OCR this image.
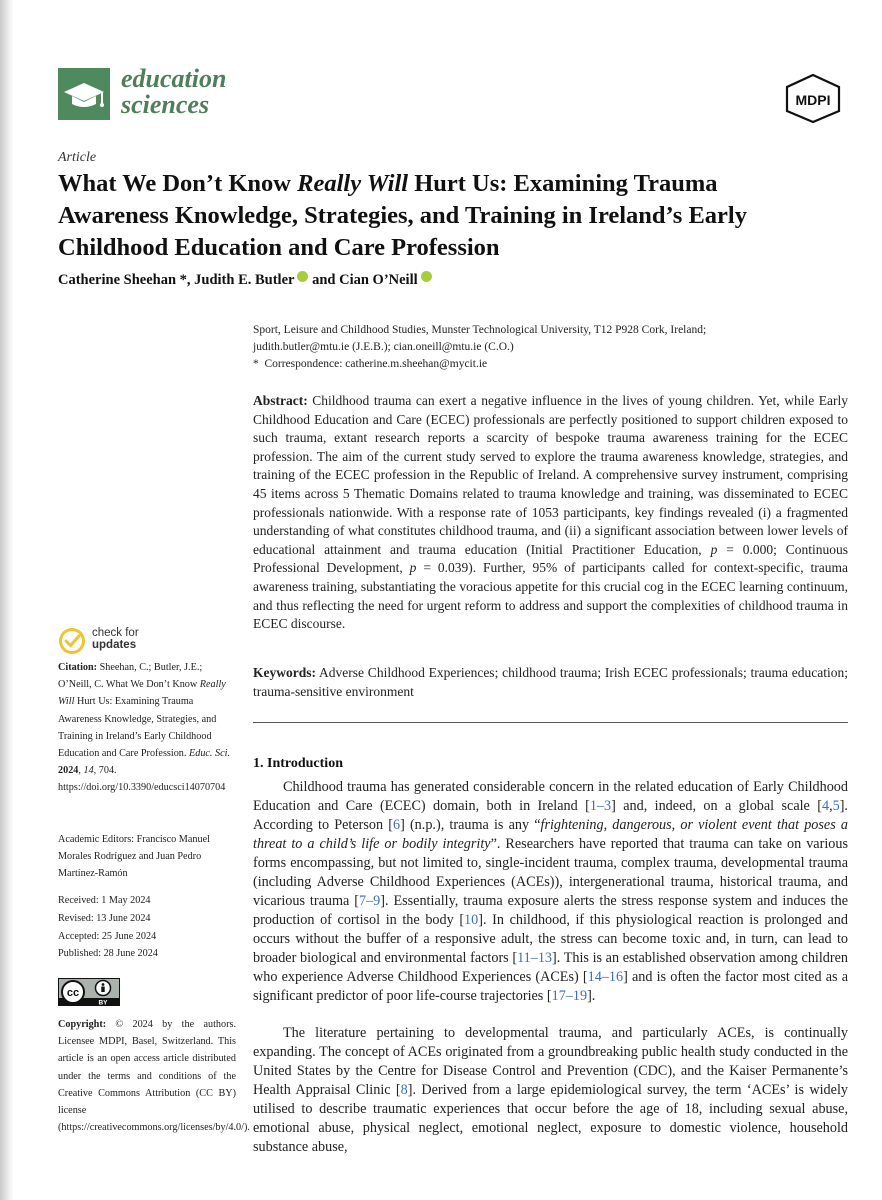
education
sciences	MDPI
Article

What We Don’t Know Really Will Hurt Us: Examining Trauma

Awareness Knowledge, Strategies, and Training in Ireland’s Early

Childhood Education and Care Profession

Catherine Sheehan *, Judith E. Butler and Cian O’Neill
Sport, Leisure and Childhood Studies, Munster Technological University, T12 P928 Cork, Ireland;
judith.butler@mtu.ie (J.E.B.); cian.oneill@mtu.ie (C.O.)
*  Correspondence: catherine.m.sheehan@mycit.ie
Abstract: Childhood trauma can exert a negative influence in the lives of young children. Yet, while Early Childhood Education and Care (ECEC) professionals are perfectly positioned to support children exposed to such trauma, extant research reports a scarcity of bespoke trauma awareness training for the ECEC profession. The aim of the current study served to explore the trauma awareness knowledge, strategies, and training of the ECEC profession in the Republic of Ireland. A comprehensive survey instrument, comprising 45 items across 5 Thematic Domains related to trauma knowledge and training, was disseminated to ECEC professionals nationwide. With a response rate of 1053 participants, key findings revealed (i) a fragmented understanding of what constitutes childhood trauma, and (ii) a significant association between lower levels of educational attainment and trauma education (Initial Practitioner Education, p = 0.000; Continuous Professional Development, p = 0.039). Further, 95% of participants called for context-specific, trauma awareness training, substantiating the voracious appetite for this crucial cog in the ECEC learning continuum, and thus reflecting the need for urgent reform to address and support the complexities of childhood trauma in ECEC discourse.
Keywords: Adverse Childhood Experiences; childhood trauma; Irish ECEC professionals; trauma education; trauma-sensitive environment
check for
updates
Citation: Sheehan, C.; Butler, J.E.; O’Neill, C. What We Don’t Know Really Will Hurt Us: Examining Trauma Awareness Knowledge, Strategies, and Training in Ireland’s Early Childhood Education and Care Profession. Educ. Sci. 2024, 14, 704. https://doi.org/10.3390/educsci14070704
Academic Editors: Francisco Manuel Morales Rodríguez and Juan Pedro Martínez-Ramón
Received: 1 May 2024
Revised: 13 June 2024
Accepted: 25 June 2024
Published: 28 June 2024
cc
BY
Copyright: © 2024 by the authors. Licensee MDPI, Basel, Switzerland. This article is an open access article distributed under the terms and conditions of the Creative Commons Attribution (CC BY) license (https://creativecommons.org/licenses/by/4.0/).
1. Introduction
Childhood trauma has generated considerable concern in the related education of Early Childhood Education and Care (ECEC) domain, both in Ireland [1–3] and, indeed, on a global scale [4,5]. According to Peterson [6] (n.p.), trauma is any “frightening, dangerous, or violent event that poses a threat to a child’s life or bodily integrity”. Researchers have reported that trauma can take on various forms encompassing, but not limited to, single-incident trauma, complex trauma, developmental trauma (including Adverse Childhood Experiences (ACEs)), intergenerational trauma, historical trauma, and vicarious trauma [7–9]. Essentially, trauma exposure alerts the stress response system and induces the production of cortisol in the body [10]. In childhood, if this physiological reaction is prolonged and occurs without the buffer of a responsive adult, the stress can become toxic and, in turn, can lead to broader biological and environmental factors [11–13]. This is an established observation among children who experience Adverse Childhood Experiences (ACEs) [14–16] and is often the factor most cited as a significant predictor of poor life-course trajectories [17–19].
The literature pertaining to developmental trauma, and particularly ACEs, is continually expanding. The concept of ACEs originated from a groundbreaking public health study conducted in the United States by the Centre for Disease Control and Prevention (CDC), and the Kaiser Permanente’s Health Appraisal Clinic [8]. Derived from a large epidemiological survey, the term ‘ACEs’ is widely utilised to describe traumatic experiences that occur before the age of 18, including sexual abuse, emotional abuse, physical neglect, emotional neglect, exposure to domestic violence, household substance abuse,
